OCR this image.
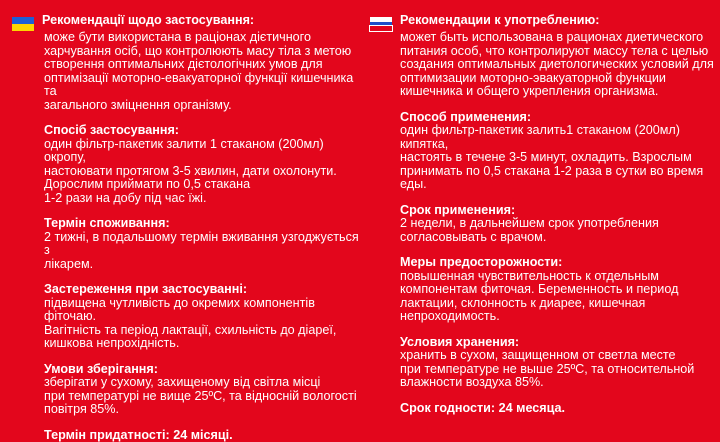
Рекомендації щодо застосування:
може бути використана в раціонах дієтичного
харчування осіб, що контролюють масу тіла з метою
створення оптимальних дієтологічних умов для
оптимізації моторно-евакуаторної функції кишечника та
загального зміцнення організму.
Спосіб застосування:
один фільтр-пакетик залити 1 стаканом (200мл) окропу,
настоювати протягом 3-5 хвилин, дати охолонути.
Дорослим приймати по 0,5 стакана
1-2 рази на добу під час їжі.
Термін споживання:
2 тижні, в подальшому термін вживання узгоджується з
лікарем.
Застереження при застосуванні:
підвищена чутливість до окремих компонентів фіточаю.
Вагітність та період лактації, схильність до діареї,
кишкова непрохідність.
Умови зберігання:
зберігати у сухому, захищеному від світла місці
при температурі не вище 25ºС, та відносній вологості
повітря 85%.
Термін придатності: 24 місяці.
Рекомендации к употреблению:
может быть использована в рационах диетического
питания особ, что контролируют массу тела с целью
создания оптимальных диетологических условий для
оптимизации моторно-эвакуаторной функции
кишечника и общего укрепления организма.
Способ применения:
один фильтр-пакетик залить1 стаканом (200мл) кипятка,
настоять в течене 3-5 минут, охладить. Взрослым
принимать по 0,5 стакана 1-2 раза в сутки во время
еды.
Срок применения:
2 недели, в дальнейшем срок употребления
согласовывать с врачом.
Меры предосторожности:
повышенная чувствительность к отдельным
компонентам фиточая. Беременность и период
лактации, склонность к диарее, кишечная
непроходимость.
Условия хранения:
хранить в сухом, защищенном от светла месте
при температуре не выше 25ºС, та относительной
влажности воздуха 85%.
Срок годности: 24 месяца.
